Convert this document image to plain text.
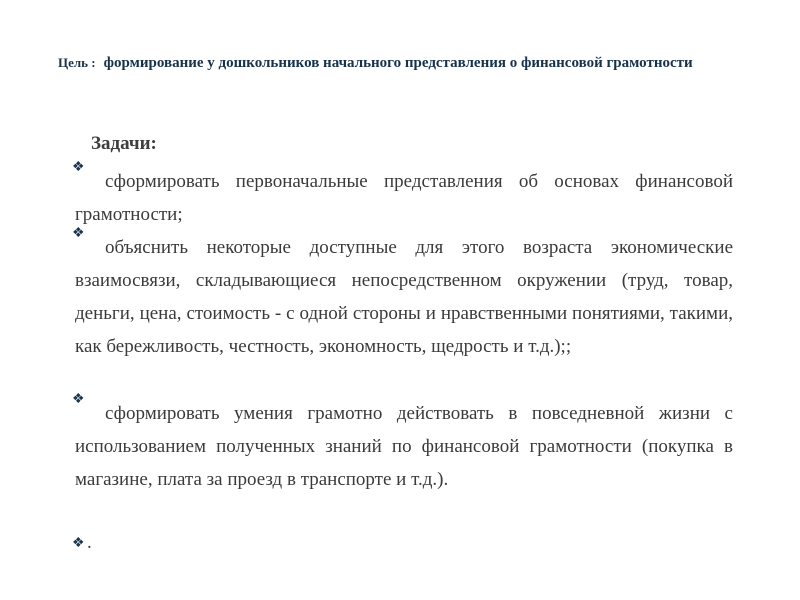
Цель : формирование у дошкольников начального представления о финансовой грамотности
Задачи:
❖
сформировать первоначальные представления об основах финансовой грамотности;
❖
объяснить некоторые доступные для этого возраста экономические взаимосвязи, складывающиеся непосредственном окружении (труд, товар, деньги, цена, стоимость - с одной стороны и нравственными понятиями, такими, как бережливость, честность, экономность, щедрость и т.д.);;
❖
сформировать умения грамотно действовать в повседневной жизни с использованием полученных знаний по финансовой грамотности (покупка в магазине, плата за проезд в транспорте и т.д.).
❖ .
